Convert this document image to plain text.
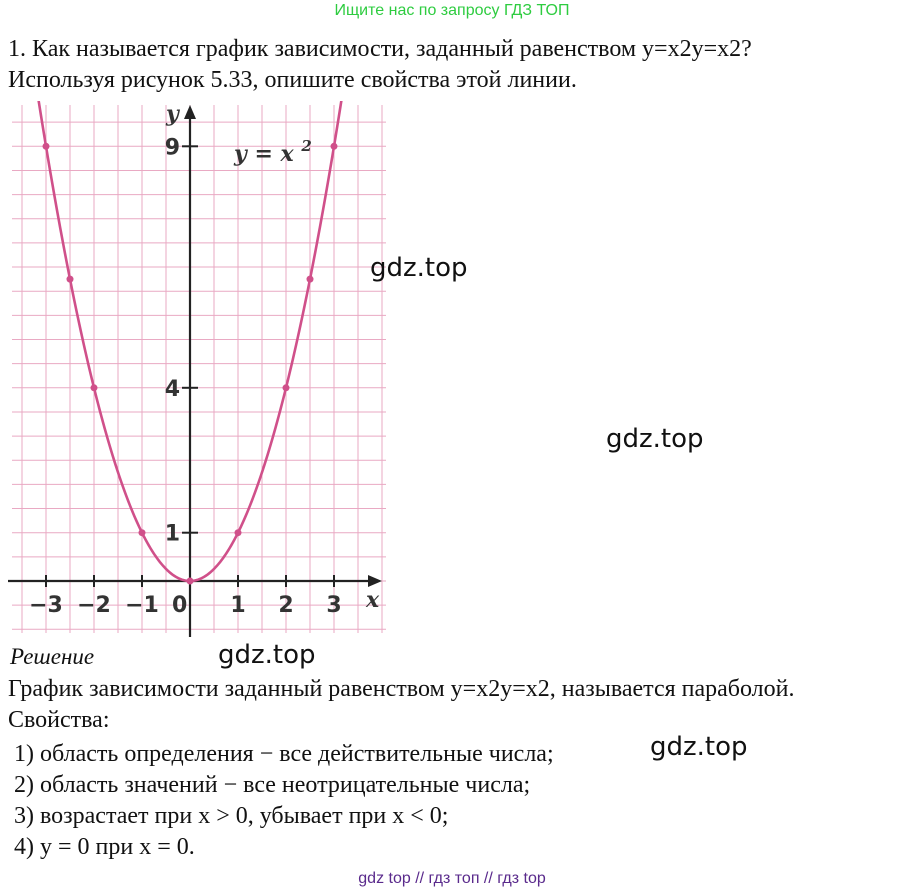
Ищите нас по запросу ГДЗ ТОП
1. Как называется график зависимости, заданный равенством y=x2y=x2?
Используя рисунок 5.33, опишите свойства этой линии.
−3 −2 −1	1 2 3
1
4
9
0	x
y
y = x $^2$
gdz.top
gdz.top
gdz.top
gdz.top
Решение
График зависимости заданный равенством y=x2y=x2, называется параболой.
Свойства:
1) область определения − все действительные числа;
2) область значений − все неотрицательные числа;
3) возрастает при x > 0, убывает при x < 0;
4) y = 0 при x = 0.
gdz top // гдз топ // гдз top
